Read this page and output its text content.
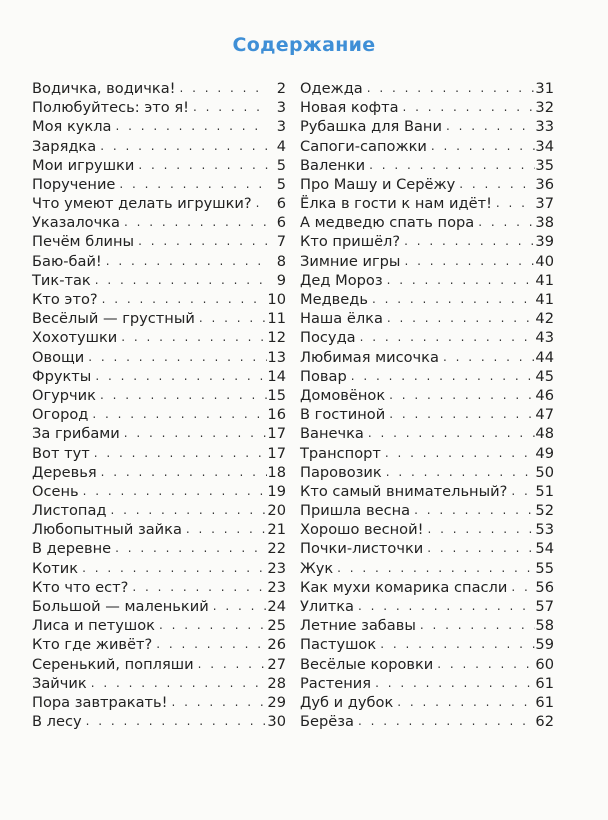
Содержание
Водичка, водичка! . . .	2
Полюбуйтесь: это я! . . .	3
Моя кукла . . .	3
Зарядка . . .	4
Мои игрушки . . .	5
Поручение . . .	5
Что умеют делать игрушки? . . .	6
Указалочка . . .	6
Печём блины . . .	7
Баю-бай! . . .	8
Тик-так . . .	9
Кто это? . . .	10
Весёлый — грустный . . .	11
Хохотушки . . .	12
Овощи . . .	13
Фрукты . . .	14
Огурчик . . .	15
Огород . . .	16
За грибами . . .	17
Вот тут . . .	17
Деревья . . .	18
Осень . . .	19
Листопад . . .	20
Любопытный зайка . . .	21
В деревне . . .	22
Котик . . .	23
Кто что ест? . . .	23
Большой — маленький . . .	24
Лиса и петушок . . .	25
Кто где живёт? . . .	26
Серенький, попляши . . .	27
Зайчик . . .	28
Пора завтракать! . . .	29
В лесу . . .	30
Одежда . . .	31
Новая кофта . . .	32
Рубашка для Вани . . .	33
Сапоги-сапожки . . .	34
Валенки . . .	35
Про Машу и Серёжу . . .	36
Ёлка в гости к нам идёт! . . .	37
А медведю спать пора . . .	38
Кто пришёл? . . .	39
Зимние игры . . .	40
Дед Мороз . . .	41
Медведь . . .	41
Наша ёлка . . .	42
Посуда . . .	43
Любимая мисочка . . .	44
Повар . . .	45
Домовёнок . . .	46
В гостиной . . .	47
Ванечка . . .	48
Транспорт . . .	49
Паровозик . . .	50
Кто самый внимательный? . . . 51
Пришла весна . . .	52
Хорошо весной! . . .	53
Почки-листочки . . .	54
Жук . . .	55
Как мухи комарика спасли . . . 56
Улитка . . .	57
Летние забавы . . .	58
Пастушок . . .	59
Весёлые коровки . . .	60
Растения . . .	61
Дуб и дубок . . .	61
Берёза . . .	62
